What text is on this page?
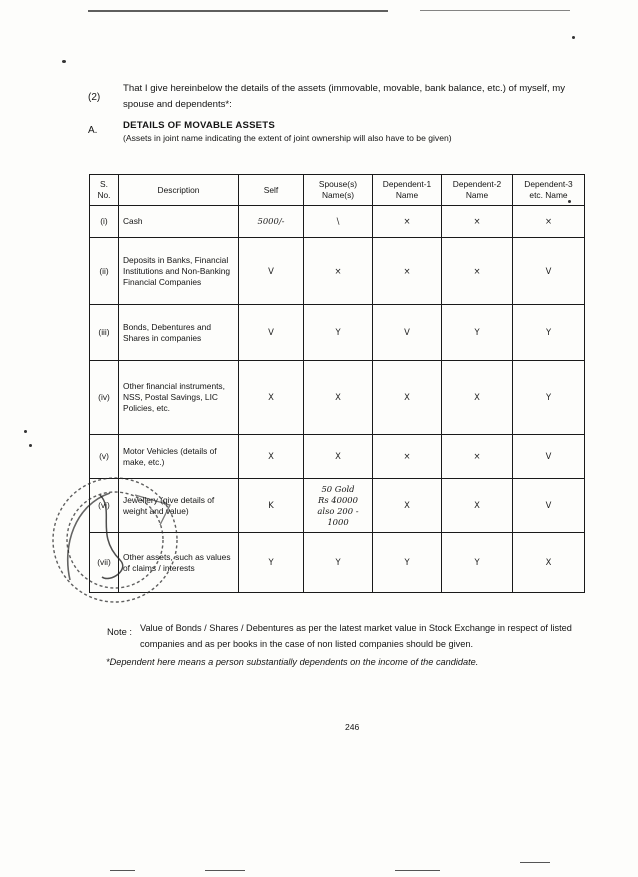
(2)
That I give hereinbelow the details of the assets (immovable, movable, bank balance, etc.) of myself, my spouse and dependents*:
A.	DETAILS OF MOVABLE ASSETS
(Assets in joint name indicating the extent of joint ownership will also have to be given)
S. No.	Description	Self	Spouse(s) Name(s)	Dependent-1 Name	Dependent-2 Name	Dependent-3 etc. Name
(i)	Cash	5000/-	\	×	×	×
(ii)	Deposits in Banks, Financial Institutions and Non-Banking Financial Companies	V	×	×	×	V
(iii)	Bonds, Debentures and Shares in companies	V	Y	V	Y	Y
(iv)	Other financial instruments, NSS, Postal Savings, LIC Policies, etc.	X	X	X	X	Y
(v)	Motor Vehicles (details of make, etc.)	X	X	×	×	V
(vi)	Jewellery (give details of weight and value)	K	50 Gold
Rs 40000
also 200 - 1000	X	X	V
(vii)	Other assets, such as values of claims / interests	Y	Y	Y	Y	X
Note : Value of Bonds / Shares / Debentures as per the latest market value in Stock Exchange in respect of listed companies and as per books in the case of non listed companies should be given.
*Dependent here means a person substantially dependents on the income of the candidate.
246
